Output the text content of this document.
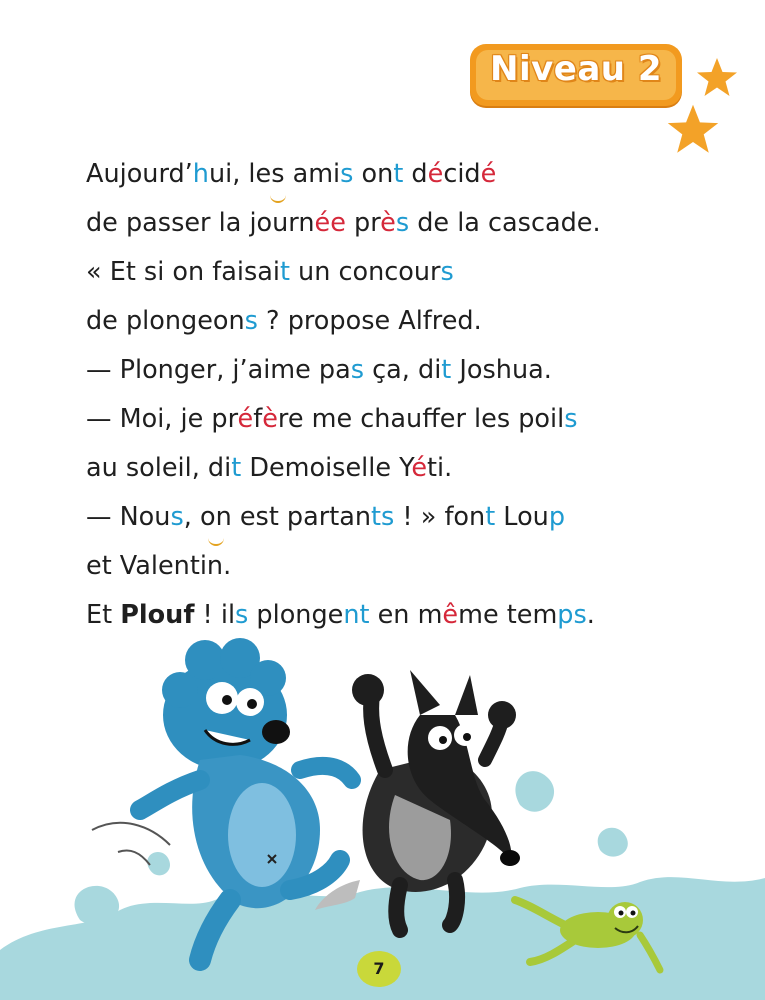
Niveau 2
Aujourd’hui, les amis ont décidé
de passer la journée près de la cascade.
« Et si on faisait un concours
de plongeons ? propose Alfred.
— Plonger, j’aime pas ça, dit Joshua.
— Moi, je préfère me chauffer les poils
au soleil, dit Demoiselle Yéti.
— Nous, on est partants ! » font Loup
et Valentin.
Et Plouf ! ils plongent en même temps.
7
